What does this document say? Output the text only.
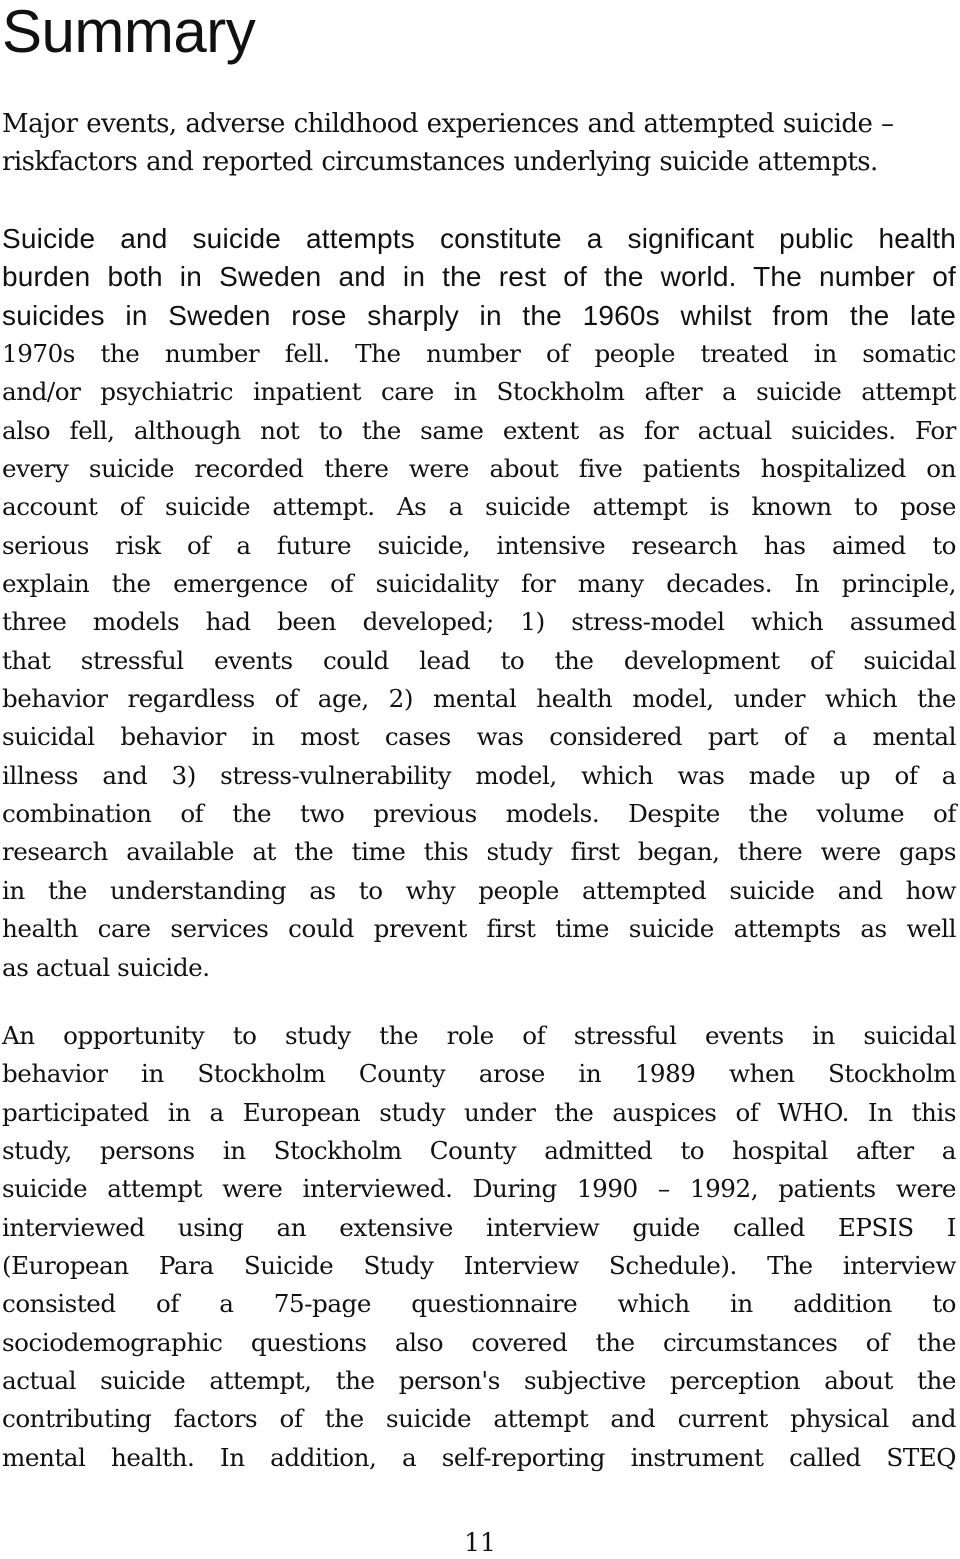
Summary
Major events, adverse childhood experiences and attempted suicide –
riskfactors and reported circumstances underlying suicide attempts.
Suicide and suicide attempts constitute a significant public health
burden both in Sweden and in the rest of the world. The number of
suicides in Sweden rose sharply in the 1960s whilst from the late
1970s the number fell. The number of people treated in somatic
and/or psychiatric inpatient care in Stockholm after a suicide attempt
also fell, although not to the same extent as for actual suicides. For
every suicide recorded there were about five patients hospitalized on
account of suicide attempt. As a suicide attempt is known to pose
serious risk of a future suicide, intensive research has aimed to
explain the emergence of suicidality for many decades. In principle,
three models had been developed; 1) stress-model which assumed
that stressful events could lead to the development of suicidal
behavior regardless of age, 2) mental health model, under which the
suicidal behavior in most cases was considered part of a mental
illness and 3) stress-vulnerability model, which was made up of a
combination of the two previous models. Despite the volume of
research available at the time this study first began, there were gaps
in the understanding as to why people attempted suicide and how
health care services could prevent first time suicide attempts as well
as actual suicide.
An opportunity to study the role of stressful events in suicidal
behavior in Stockholm County arose in 1989 when Stockholm
participated in a European study under the auspices of WHO. In this
study, persons in Stockholm County admitted to hospital after a
suicide attempt were interviewed. During 1990 – 1992, patients were
interviewed using an extensive interview guide called EPSIS I
(European Para Suicide Study Interview Schedule). The interview
consisted of a 75-page questionnaire which in addition to
sociodemographic questions also covered the circumstances of the
actual suicide attempt, the person's subjective perception about the
contributing factors of the suicide attempt and current physical and
mental health. In addition, a self-reporting instrument called STEQ

11
